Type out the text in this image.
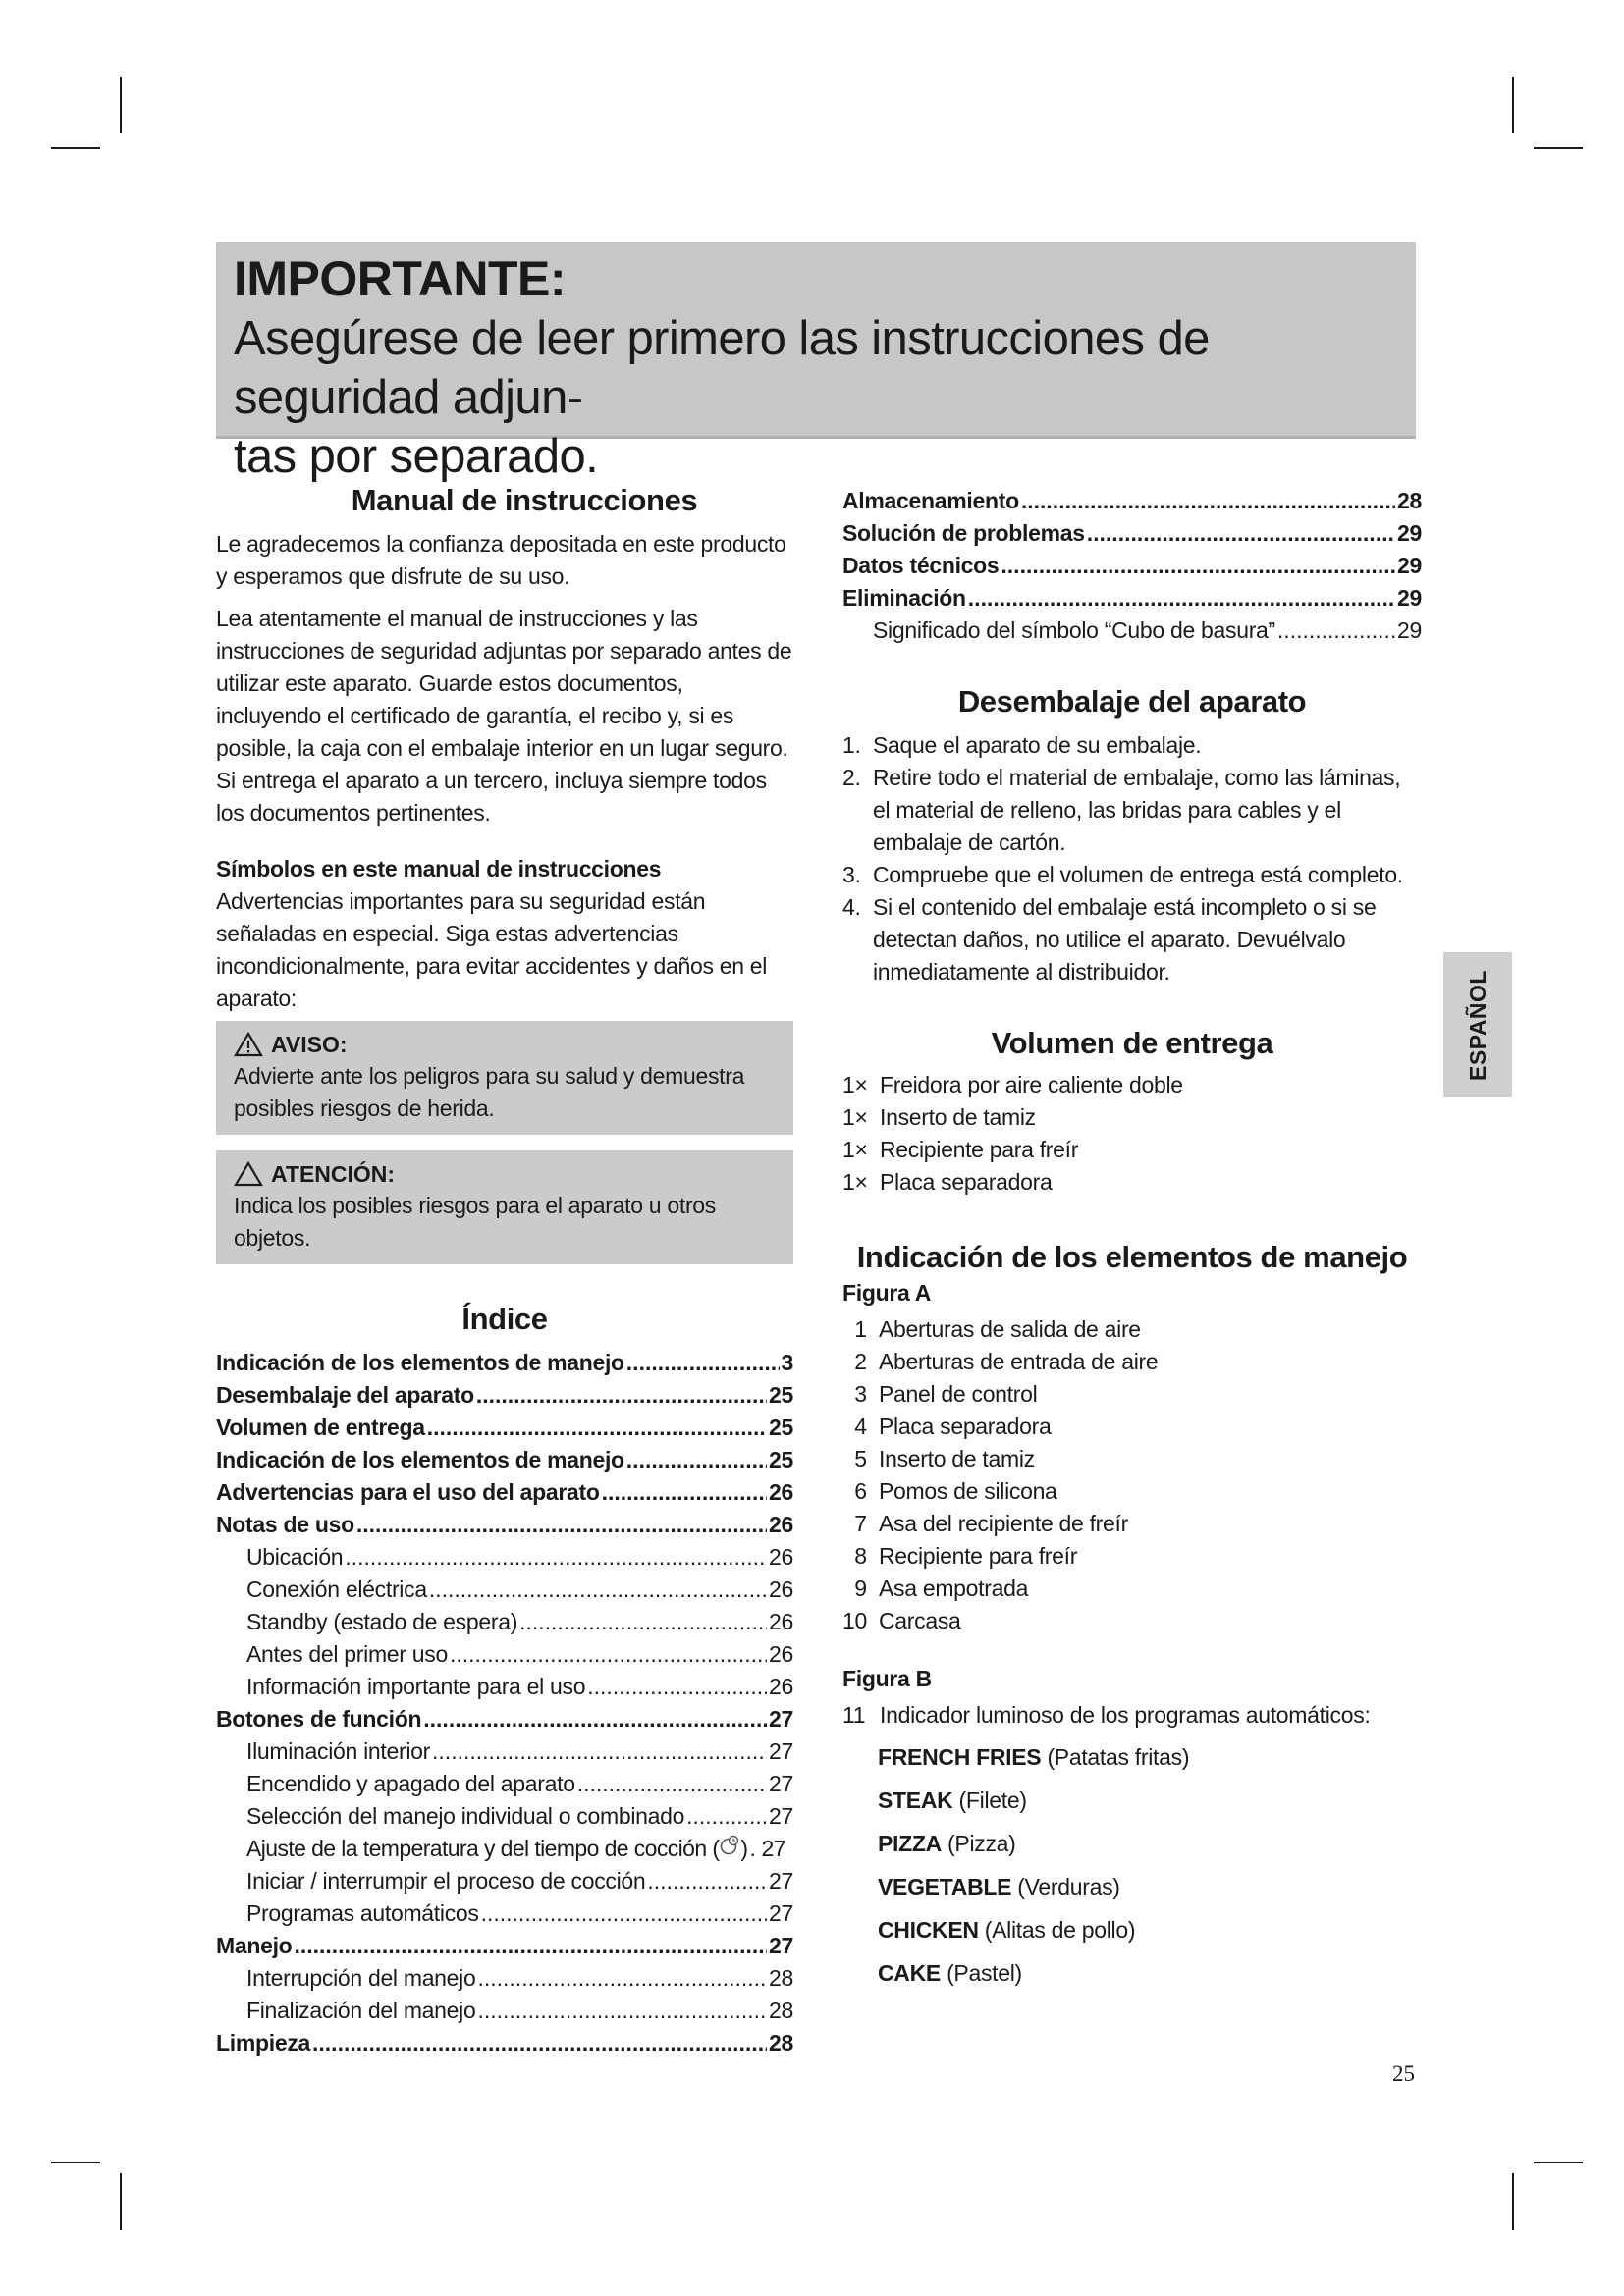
IMPORTANTE:
Asegúrese de leer primero las instrucciones de seguridad adjun-
tas por separado.
Manual de instrucciones

Le agradecemos la confianza depositada en este producto y esperamos que disfrute de su uso.

Lea atentamente el manual de instrucciones y las instrucciones de seguridad adjuntas por separado antes de utilizar este aparato. Guarde estos documentos, incluyendo el certificado de garantía, el recibo y, si es posible, la caja con el embalaje interior en un lugar seguro. Si entrega el aparato a un tercero, incluya siempre todos los documentos pertinentes.

Símbolos en este manual de instrucciones

Advertencias importantes para su seguridad están señaladas en especial. Siga estas advertencias incondicionalmente, para evitar accidentes y daños en el aparato:

AVISO:

Advierte ante los peligros para su salud y demuestra posibles riesgos de herida.

ATENCIÓN:

Indica los posibles riesgos para el aparato u otros objetos.

Índice
Indicación de los elementos de manejo .....	3
Desembalaje del aparato .....	25
Volumen de entrega .....	25
Indicación de los elementos de manejo .....	25
Advertencias para el uso del aparato .....	26
Notas de uso .....	26
Ubicación .....	26
Conexión eléctrica .....	26
Standby (estado de espera) .....	26
Antes del primer uso .....	26
Información importante para el uso .....	26
Botones de función .....	27
Iluminación interior .....	27
Encendido y apagado del aparato .....	27
Selección del manejo individual o combinado .....	27
Ajuste de la temperatura y del tiempo de cocción ( ) ..... 27
Iniciar / interrumpir el proceso de cocción .....	27
Programas automáticos .....	27
Manejo .....	27
Interrupción del manejo .....	28
Finalización del manejo .....	28
Limpieza .....	28
Almacenamiento .....	28
Solución de problemas .....	29
Datos técnicos .....	29
Eliminación .....	29
Significado del símbolo “Cubo de basura” .....	29
Desembalaje del aparato
1. Saque el aparato de su embalaje.
2. Retire todo el material de embalaje, como las láminas, el material de relleno, las bridas para cables y el embalaje de cartón.
3. Compruebe que el volumen de entrega está completo.
4. Si el contenido del embalaje está incompleto o si se detectan daños, no utilice el aparato. Devuélvalo inmediatamente al distribuidor.
Volumen de entrega
1× Freidora por aire caliente doble
1× Inserto de tamiz
1× Recipiente para freír
1× Placa separadora
Indicación de los elementos de manejo
Figura A
1 Aberturas de salida de aire
2 Aberturas de entrada de aire
3 Panel de control
4 Placa separadora
5 Inserto de tamiz
6 Pomos de silicona
7 Asa del recipiente de freír
8 Recipiente para freír
9 Asa empotrada
10 Carcasa
Figura B
11 Indicador luminoso de los programas automáticos:
FRENCH FRIES (Patatas fritas)
STEAK (Filete)
PIZZA (Pizza)
VEGETABLE (Verduras)
CHICKEN (Alitas de pollo)
CAKE (Pastel)
ESPAÑOL
25
